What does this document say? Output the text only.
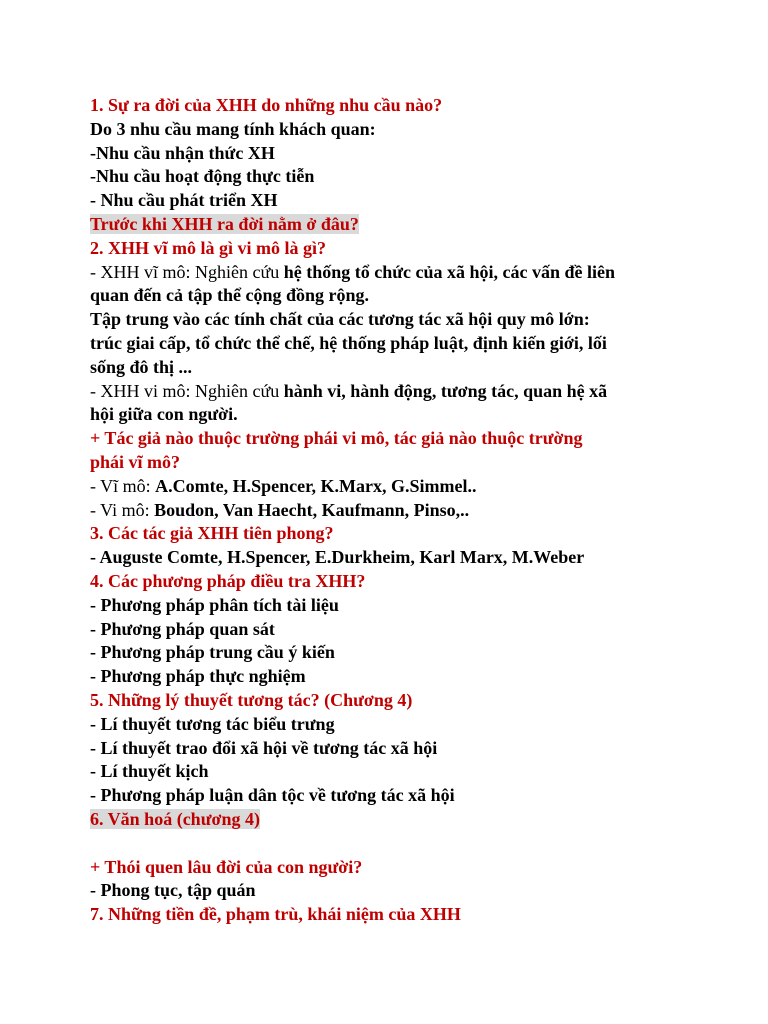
1. Sự ra đời của XHH do những nhu cầu nào?
Do 3 nhu cầu mang tính khách quan:
-Nhu cầu nhận thức XH
-Nhu cầu hoạt động thực tiễn
- Nhu cầu phát triển XH
Trước khi XHH ra đời nằm ở đâu?
2. XHH vĩ mô là gì vi mô là gì?
- XHH vĩ mô: Nghiên cứu hệ thống tổ chức của xã hội, các vấn đề liên
quan đến cả tập thể cộng đồng rộng.
Tập trung vào các tính chất của các tương tác xã hội quy mô lớn:
trúc giai cấp, tổ chức thể chế, hệ thống pháp luật, định kiến giới, lối
sống đô thị ...
- XHH vi mô: Nghiên cứu hành vi, hành động, tương tác, quan hệ xã
hội giữa con người.
+ Tác giả nào thuộc trường phái vi mô, tác giả nào thuộc trường
phái vĩ mô?
- Vĩ mô: A.Comte, H.Spencer, K.Marx, G.Simmel..
- Vi mô: Boudon, Van Haecht, Kaufmann, Pinso,..
3. Các tác giả XHH tiên phong?
- Auguste Comte, H.Spencer, E.Durkheim, Karl Marx, M.Weber
4. Các phương pháp điều tra XHH?
- Phương pháp phân tích tài liệu
- Phương pháp quan sát
- Phương pháp trung cầu ý kiến
- Phương pháp thực nghiệm
5. Những lý thuyết tương tác? (Chương 4)
- Lí thuyết tương tác biểu trưng
- Lí thuyết trao đổi xã hội về tương tác xã hội
- Lí thuyết kịch
- Phương pháp luận dân tộc về tương tác xã hội
6. Văn hoá (chương 4)
+ Thói quen lâu đời của con người?
- Phong tục, tập quán
7. Những tiền đề, phạm trù, khái niệm của XHH
